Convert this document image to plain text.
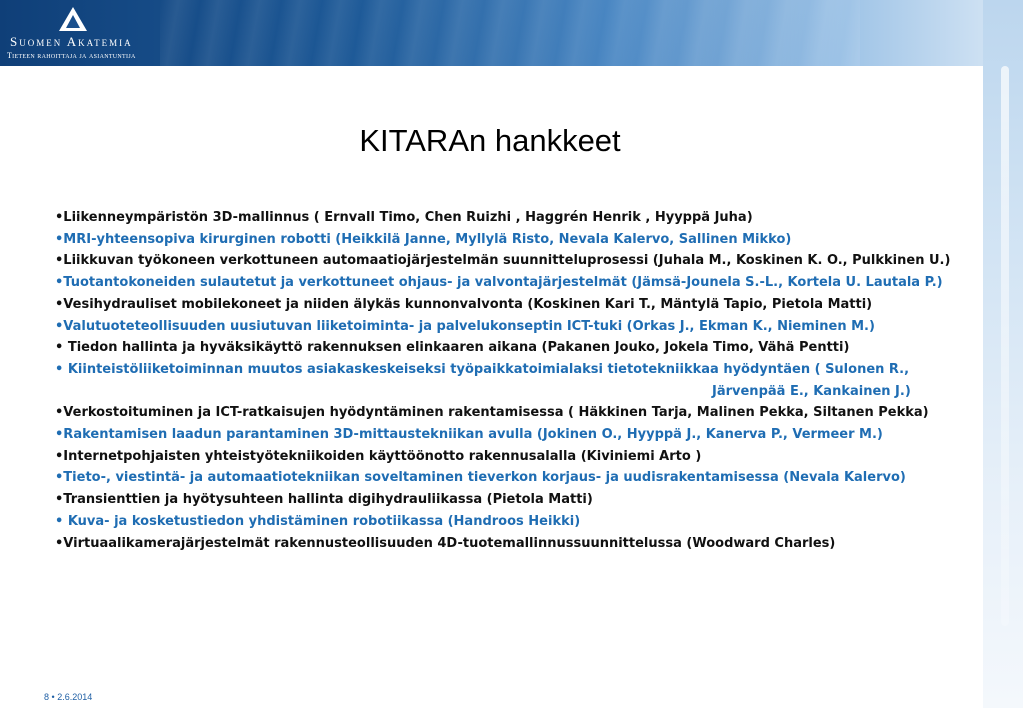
Suomen Akatemia
Tieteen rahoittaja ja asiantuntija
KITARAn hankkeet
•Liikenneympäristön 3D-mallinnus ( Ernvall Timo, Chen Ruizhi , Haggrén Henrik , Hyyppä Juha)
•MRI-yhteensopiva kirurginen robotti (Heikkilä Janne, Myllylä Risto, Nevala Kalervo, Sallinen Mikko)
•Liikkuvan työkoneen verkottuneen automaatiojärjestelmän suunnitteluprosessi (Juhala M., Koskinen K. O., Pulkkinen U.)
•Tuotantokoneiden sulautetut ja verkottuneet ohjaus- ja valvontajärjestelmät (Jämsä-Jounela S.-L., Kortela U. Lautala P.)
•Vesihydrauliset mobilekoneet ja niiden älykäs kunnonvalvonta (Koskinen Kari T., Mäntylä Tapio, Pietola Matti)
•Valutuoteteollisuuden uusiutuvan liiketoiminta- ja palvelukonseptin ICT-tuki (Orkas J., Ekman K., Nieminen M.)
• Tiedon hallinta ja hyväksikäyttö rakennuksen elinkaaren aikana (Pakanen Jouko, Jokela Timo, Vähä Pentti)
• Kiinteistöliiketoiminnan muutos asiakaskeskeiseksi työpaikkatoimialaksi tietotekniikkaa hyödyntäen ( Sulonen R.,
Järvenpää E., Kankainen J.)
•Verkostoituminen ja ICT-ratkaisujen hyödyntäminen rakentamisessa ( Häkkinen Tarja, Malinen Pekka, Siltanen Pekka)
•Rakentamisen laadun parantaminen 3D-mittaustekniikan avulla (Jokinen O., Hyyppä J., Kanerva P., Vermeer M.)
•Internetpohjaisten yhteistyötekniikoiden käyttöönotto rakennusalalla (Kiviniemi Arto )
•Tieto-, viestintä- ja automaatiotekniikan soveltaminen tieverkon korjaus- ja uudisrakentamisessa (Nevala Kalervo)
•Transienttien ja hyötysuhteen hallinta digihydrauliikassa (Pietola Matti)
• Kuva- ja kosketustiedon yhdistäminen robotiikassa (Handroos Heikki)
•Virtuaalikamerajärjestelmät rakennusteollisuuden 4D-tuotemallinnussuunnittelussa (Woodward Charles)
8 • 2.6.2014
